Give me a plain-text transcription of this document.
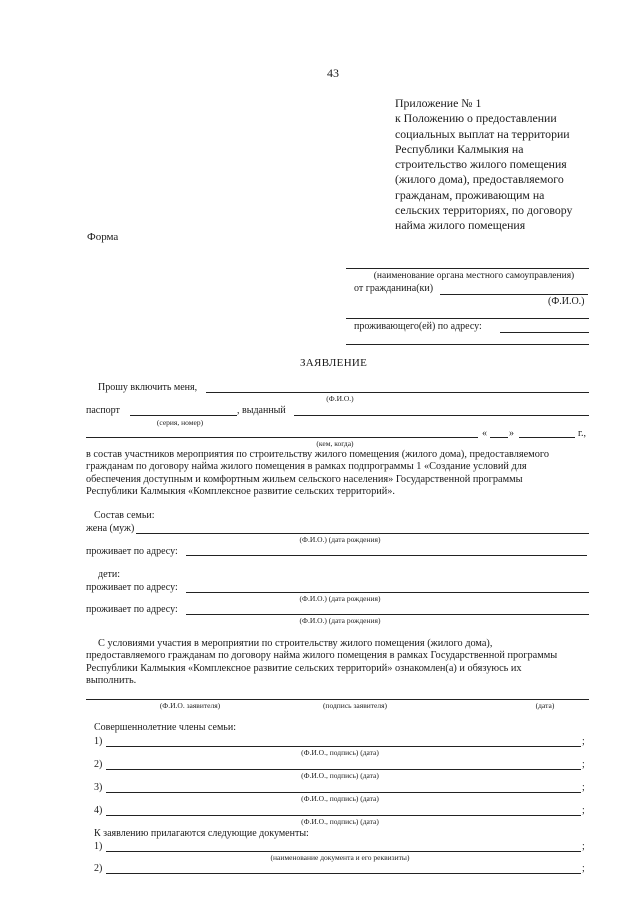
43
Приложение № 1
к Положению о предоставлении
социальных выплат на территории
Республики Калмыкия на
строительство жилого помещения
(жилого дома), предоставляемого
гражданам, проживающим на
сельских территориях, по договору
найма жилого помещения
Форма
(наименование органа местного самоуправления)
от гражданина(ки)
(Ф.И.О.)
проживающего(ей) по адресу:
ЗАЯВЛЕНИЕ
Прошу включить меня,
(Ф.И.О.)
паспорт	, выданный
(серия, номер)
« »	г.,
(кем, когда)
в состав участников мероприятия по строительству жилого помещения (жилого дома), предоставляемого
гражданам по договору найма жилого помещения в рамках подпрограммы 1 «Создание условий для
обеспечения доступным и комфортным жильем сельского населения» Государственной программы
Республики Калмыкия «Комплексное развитие сельских территорий».
Состав семьи:
жена (муж)
(Ф.И.О.) (дата рождения)
проживает по адресу:
дети:
проживает по адресу:
(Ф.И.О.) (дата рождения)
проживает по адресу:
(Ф.И.О.) (дата рождения)
С условиями участия в мероприятии по строительству жилого помещения (жилого дома),
предоставляемого гражданам по договору найма жилого помещения в рамках Государственной программы
Республики Калмыкия «Комплексное развитие сельских территорий» ознакомлен(а) и обязуюсь их
выполнить.
(Ф.И.О. заявителя)	(подпись заявителя)	(дата)
Совершеннолетние члены семьи:
1)	;
(Ф.И.О., подпись) (дата)
2)	;
(Ф.И.О., подпись) (дата)
3)	;
(Ф.И.О., подпись) (дата)
4)	;
(Ф.И.О., подпись) (дата)
К заявлению прилагаются следующие документы:
1)	;
(наименование документа и его реквизиты)
2)	;
